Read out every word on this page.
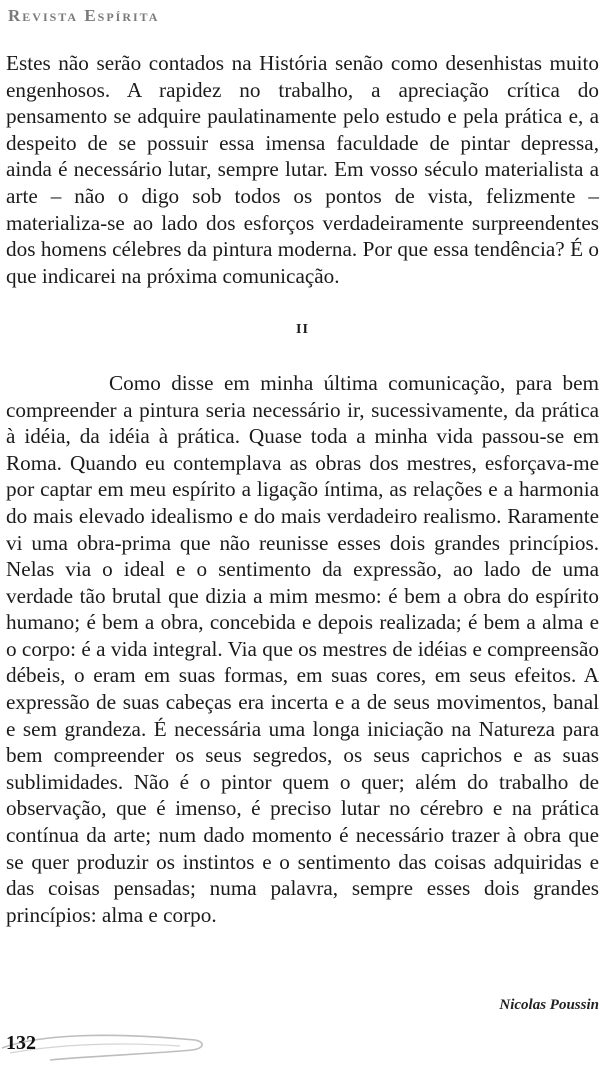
Revista Espírita

Estes não serão contados na História senão como desenhistas muito engenhosos. A rapidez no trabalho, a apreciação crítica do pensamento se adquire paulatinamente pelo estudo e pela prática e, a despeito de se possuir essa imensa faculdade de pintar depressa, ainda é necessário lutar, sempre lutar. Em vosso século materialista a arte – não o digo sob todos os pontos de vista, felizmente – materializa-se ao lado dos esforços verdadeiramente surpreendentes dos homens célebres da pintura moderna. Por que essa tendência? É o que indicarei na próxima comunicação.

II

Como disse em minha última comunicação, para bem compreender a pintura seria necessário ir, sucessivamente, da prática à idéia, da idéia à prática. Quase toda a minha vida passou-se em Roma. Quando eu contemplava as obras dos mestres, esforçava-me por captar em meu espírito a ligação íntima, as relações e a harmonia do mais elevado idealismo e do mais verdadeiro realismo. Raramente vi uma obra-prima que não reunisse esses dois grandes princípios. Nelas via o ideal e o sentimento da expressão, ao lado de uma verdade tão brutal que dizia a mim mesmo: é bem a obra do espírito humano; é bem a obra, concebida e depois realizada; é bem a alma e o corpo: é a vida integral. Via que os mestres de idéias e compreensão débeis, o eram em suas formas, em suas cores, em seus efeitos. A expressão de suas cabeças era incerta e a de seus movimentos, banal e sem grandeza. É necessária uma longa iniciação na Natureza para bem compreender os seus segredos, os seus caprichos e as suas sublimidades. Não é o pintor quem o quer; além do trabalho de observação, que é imenso, é preciso lutar no cérebro e na prática contínua da arte; num dado momento é necessário trazer à obra que se quer produzir os instintos e o sentimento das coisas adquiridas e das coisas pensadas; numa palavra, sempre esses dois grandes princípios: alma e corpo.

Nicolas Poussin
132
